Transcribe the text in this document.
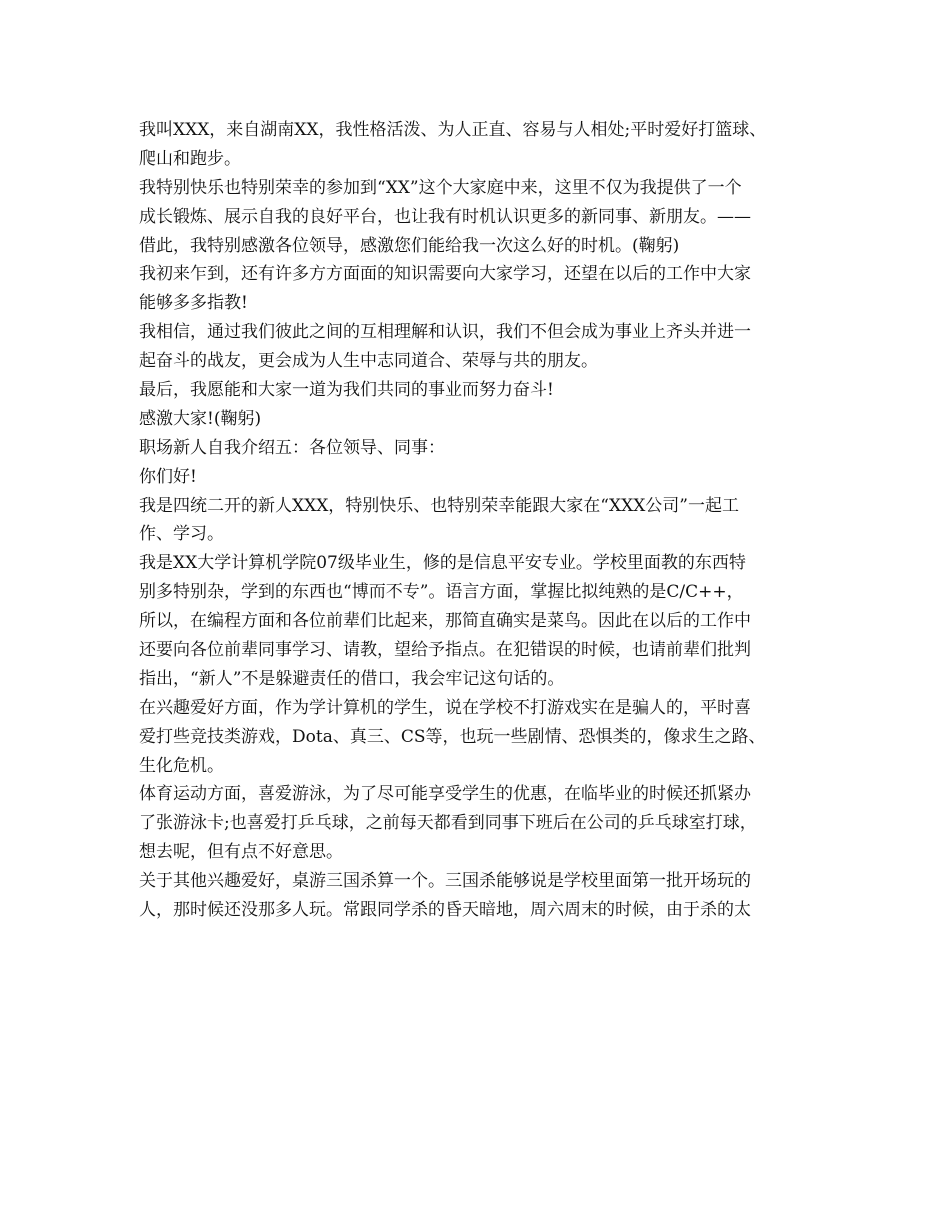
我叫XXX，来自湖南XX，我性格活泼、为人正直、容易与人相处;平时爱好打篮球、

爬山和跑步。

我特别快乐也特别荣幸的参加到“XX”这个大家庭中来，这里不仅为我提供了一个

成长锻炼、展示自我的良好平台，也让我有时机认识更多的新同事、新朋友。——

借此，我特别感激各位领导，感激您们能给我一次这么好的时机。(鞠躬)

我初来乍到，还有许多方方面面的知识需要向大家学习，还望在以后的工作中大家

能够多多指教!

我相信，通过我们彼此之间的互相理解和认识，我们不但会成为事业上齐头并进一

起奋斗的战友，更会成为人生中志同道合、荣辱与共的朋友。

最后，我愿能和大家一道为我们共同的事业而努力奋斗!

感激大家!(鞠躬)

职场新人自我介绍五：各位领导、同事：

你们好!

我是四统二开的新人XXX，特别快乐、也特别荣幸能跟大家在“XXX公司”一起工

作、学习。

我是XX大学计算机学院07级毕业生，修的是信息平安专业。学校里面教的东西特

别多特别杂，学到的东西也“博而不专”。语言方面，掌握比拟纯熟的是C/C++，

所以，在编程方面和各位前辈们比起来，那简直确实是菜鸟。因此在以后的工作中

还要向各位前辈同事学习、请教，望给予指点。在犯错误的时候，也请前辈们批判

指出，“新人”不是躲避责任的借口，我会牢记这句话的。

在兴趣爱好方面，作为学计算机的学生，说在学校不打游戏实在是骗人的，平时喜

爱打些竞技类游戏，Dota、真三、CS等，也玩一些剧情、恐惧类的，像求生之路、

生化危机。

体育运动方面，喜爱游泳，为了尽可能享受学生的优惠，在临毕业的时候还抓紧办

了张游泳卡;也喜爱打乒乓球，之前每天都看到同事下班后在公司的乒乓球室打球，

想去呢，但有点不好意思。

关于其他兴趣爱好，桌游三国杀算一个。三国杀能够说是学校里面第一批开场玩的

人，那时候还没那多人玩。常跟同学杀的昏天暗地，周六周末的时候，由于杀的太
